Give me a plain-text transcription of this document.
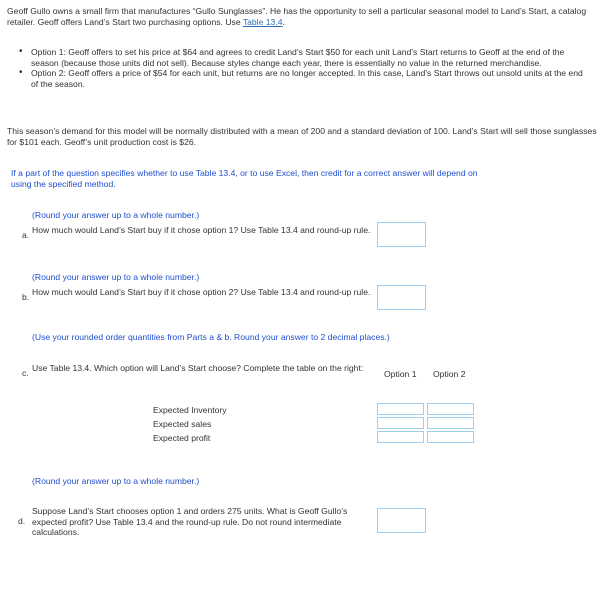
Geoff Gullo owns a small firm that manufactures “Gullo Sunglasses”. He has the opportunity to sell a particular seasonal model to Land’s Start, a catalog retailer. Geoff offers Land’s Start two purchasing options. Use Table 13.4.
• Option 1: Geoff offers to set his price at $64 and agrees to credit Land’s Start $50 for each unit Land’s Start returns to Geoff at the end of the season (because those units did not sell). Because styles change each year, there is essentially no value in the returned merchandise.
• Option 2: Geoff offers a price of $54 for each unit, but returns are no longer accepted. In this case, Land’s Start throws out unsold units at the end of the season.
This season’s demand for this model will be normally distributed with a mean of 200 and a standard deviation of 100. Land’s Start will sell those sunglasses for $101 each. Geoff’s unit production cost is $26.
If a part of the question specifies whether to use Table 13.4, or to use Excel, then credit for a correct answer will depend on using the specified method.
(Round your answer up to a whole number.)
a. How much would Land’s Start buy if it chose option 1? Use Table 13.4 and round-up rule.
(Round your answer up to a whole number.)
b. How much would Land’s Start buy if it chose option 2? Use Table 13.4 and round-up rule.
(Use your rounded order quantities from Parts a & b. Round your answer to 2 decimal places.)
c. Use Table 13.4. Which option will Land’s Start choose? Complete the table on the right:
Option 1 Option 2
Expected Inventory
Expected sales
Expected profit
(Round your answer up to a whole number.)
d.
Suppose Land’s Start chooses option 1 and orders 275 units. What is Geoff Gullo’s expected profit? Use Table 13.4 and the round-up rule. Do not round intermediate calculations.
